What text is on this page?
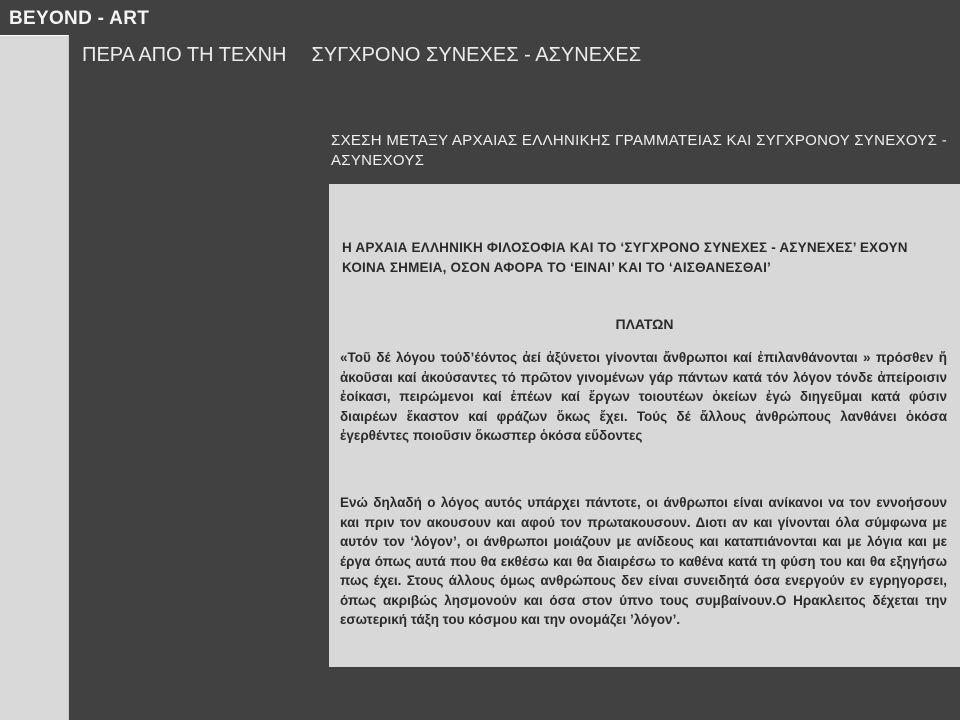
BEYOND - ART
ΠΕΡΑ ΑΠΟ ΤΗ ΤΕΧΝΗ ΣΥΓΧΡΟΝΟ ΣΥΝΕΧΕΣ - ΑΣΥΝΕΧΕΣ
ΣΧΕΣΗ ΜΕΤΑΞΥ ΑΡΧΑΙΑΣ ΕΛΛΗΝΙΚΗΣ ΓΡΑΜΜΑΤΕΙΑΣ ΚΑΙ ΣΥΓΧΡΟΝΟΥ ΣΥΝΕΧΟΥΣ - ΑΣΥΝΕΧΟΥΣ

Η ΑΡΧΑΙΑ ΕΛΛΗΝΙΚΗ ΦΙΛΟΣΟΦΙΑ ΚΑΙ ΤΟ ‘ΣΥΓΧΡΟΝΟ ΣΥΝΕΧΕΣ - ΑΣΥΝΕΧΕΣ’ ΕΧΟΥΝ ΚΟΙΝΑ ΣΗΜΕΙΑ, ΟΣΟΝ ΑΦΟΡΑ ΤΟ ‘ΕΙΝΑΙ’ ΚΑΙ ΤΟ ‘ΑΙΣΘΑΝΕΣΘΑΙ’

ΠΛΑΤΩΝ

«Τοῦ δέ λόγου τούδ’έόντος ἀεί ἀξύνετοι γίνονται ἄνθρωποι καί ἐπιλανθάνονται » πρόσθεν ἤ ἀκοῦσαι καί ἀκούσαντες τό πρῶτον γινομένων γάρ πάντων κατά τόν λόγον τόνδε ἀπείροισιν ἐοίκασι, πειρώμενοι καί ἐπέων καί ἔργων τοιουτέων ὁκείων ἐγώ διηγεῦμαι κατά φύσιν διαιρέων ἕκαστον καί φράζων ὅκως ἔχει. Τούς δέ ἄλλους ἀνθρώπους λανθάνει ὁκόσα ἐγερθέντες ποιοῦσιν ὅκωσπερ ὁκόσα εὕδοντες

Ενώ δηλαδή ο λόγος αυτός υπάρχει πάντοτε, οι άνθρωποι είναι ανίκανοι να τον εννοήσουν και πριν τον ακουσουν και αφού τον πρωτακουσουν. Διοτι αν και γίνονται όλα σύμφωνα με αυτόν τον ‘λόγον’, οι άνθρωποι μοιάζουν με ανίδεους και καταπιάνονται και με λόγια και με έργα όπως αυτά που θα εκθέσω και θα διαιρέσω το καθένα κατά τη φύση του και θα εξηγήσω πως έχει. Στους άλλους όμως ανθρώπους δεν είναι συνειδητά όσα ενεργούν εν εγρηγορσει, όπως ακριβώς λησμονούν και όσα στον ύπνο τους συμβαίνουν.Ο Ηρακλειτος δέχεται την εσωτερική τάξη του κόσμου και την ονομάζει ’λόγον’.
